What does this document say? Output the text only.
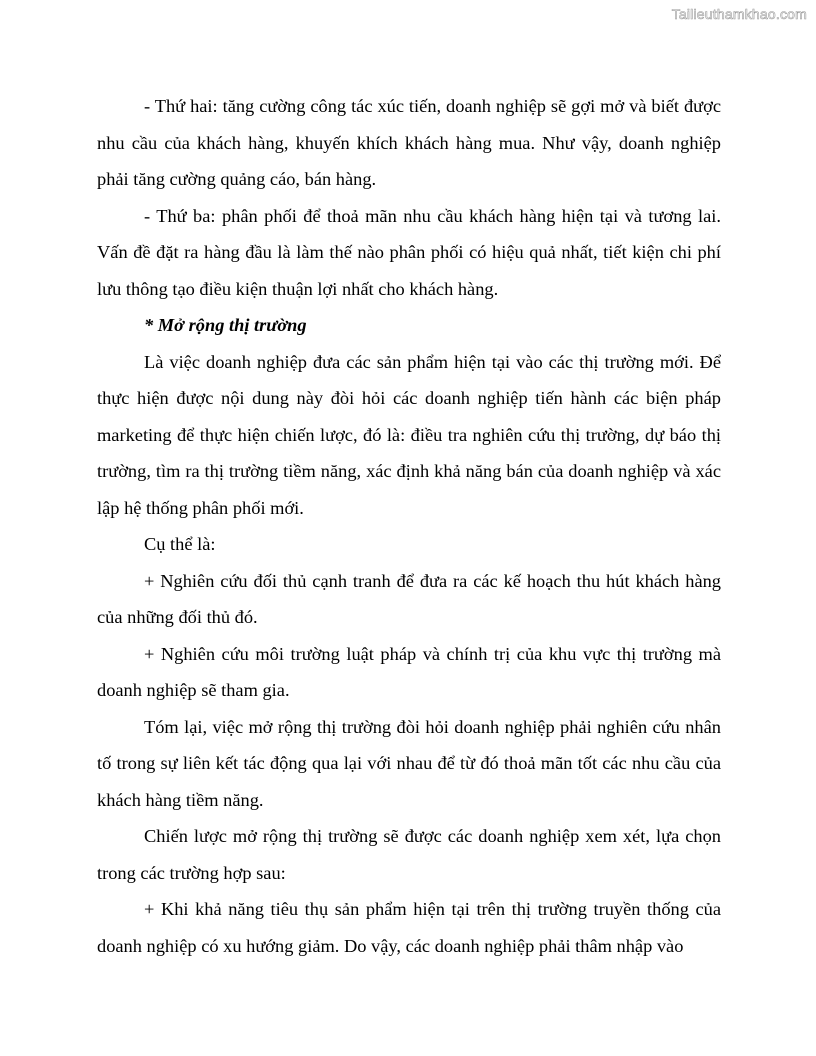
Tailieuthamkhao.com

- Thứ hai: tăng cường công tác xúc tiến, doanh nghiệp sẽ gợi mở và biết được nhu cầu của khách hàng, khuyến khích khách hàng mua. Như vậy, doanh nghiệp phải tăng cường quảng cáo, bán hàng.

- Thứ ba: phân phối để thoả mãn nhu cầu khách hàng hiện tại và tương lai. Vấn đề đặt ra hàng đầu là làm thế nào phân phối có hiệu quả nhất, tiết kiện chi phí lưu thông tạo điều kiện thuận lợi nhất cho khách hàng.

* Mở rộng thị trường

Là việc doanh nghiệp đưa các sản phẩm hiện tại vào các thị trường mới. Để thực hiện được nội dung này đòi hỏi các doanh nghiệp tiến hành các biện pháp marketing để thực hiện chiến lược, đó là: điều tra nghiên cứu thị trường, dự báo thị trường, tìm ra thị trường tiềm năng, xác định khả năng bán của doanh nghiệp và xác lập hệ thống phân phối mới.

Cụ thể là:

+ Nghiên cứu đối thủ cạnh tranh để đưa ra các kế hoạch thu hút khách hàng của những đối thủ đó.

+ Nghiên cứu môi trường luật pháp và chính trị của khu vực thị trường mà doanh nghiệp sẽ tham gia.

Tóm lại, việc mở rộng thị trường đòi hỏi doanh nghiệp phải nghiên cứu nhân tố trong sự liên kết tác động qua lại với nhau để từ đó thoả mãn tốt các nhu cầu của khách hàng tiềm năng.

Chiến lược mở rộng thị trường sẽ được các doanh nghiệp xem xét, lựa chọn trong các trường hợp sau:

+ Khi khả năng tiêu thụ sản phẩm hiện tại trên thị trường truyền thống của doanh nghiệp có xu hướng giảm. Do vậy, các doanh nghiệp phải thâm nhập vào
